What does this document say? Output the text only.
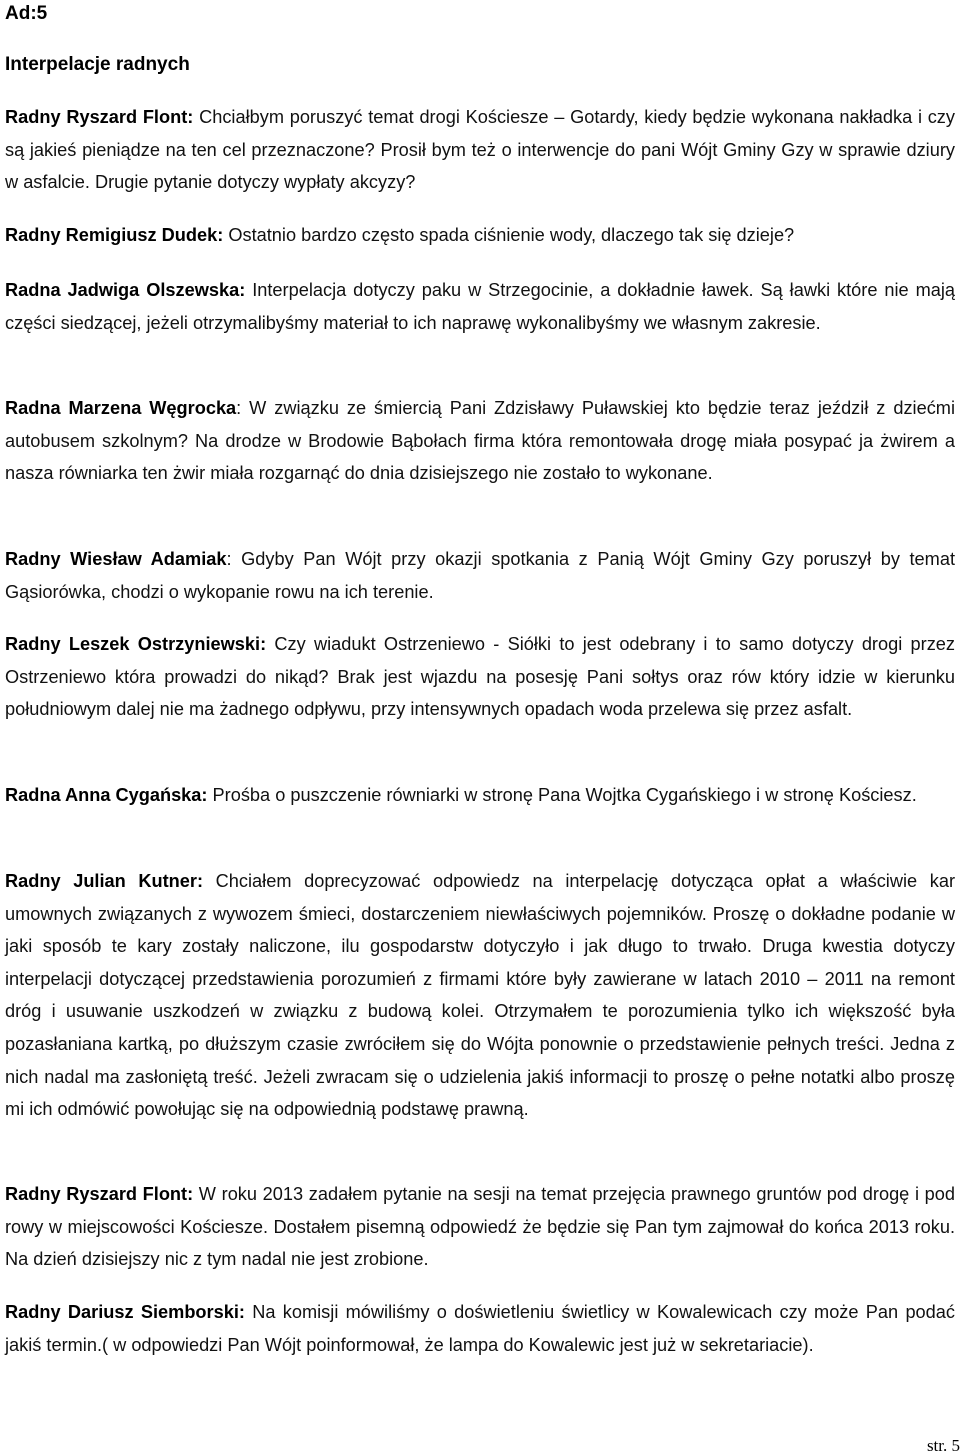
Ad:5
Interpelacje radnych

Radny Ryszard Flont: Chciałbym poruszyć temat drogi Kościesze – Gotardy, kiedy będzie wykonana nakładka i czy są jakieś pieniądze na ten cel przeznaczone? Prosił bym też o interwencje do pani Wójt Gminy Gzy w sprawie dziury w asfalcie. Drugie pytanie dotyczy wypłaty akcyzy?

Radny Remigiusz Dudek: Ostatnio bardzo często spada ciśnienie wody, dlaczego tak się dzieje?

Radna Jadwiga Olszewska: Interpelacja dotyczy paku w Strzegocinie, a dokładnie ławek. Są ławki które nie mają części siedzącej, jeżeli otrzymalibyśmy materiał to ich naprawę wykonalibyśmy we własnym zakresie.

Radna Marzena Węgrocka: W związku ze śmiercią Pani Zdzisławy Puławskiej kto będzie teraz jeździł z dziećmi autobusem szkolnym? Na drodze w Brodowie Bąbołach firma która remontowała drogę miała posypać ja żwirem a nasza równiarka ten żwir miała rozgarnąć do dnia dzisiejszego nie zostało to wykonane.

Radny Wiesław Adamiak: Gdyby Pan Wójt przy okazji spotkania z Panią Wójt Gminy Gzy poruszył by temat Gąsiorówka, chodzi o wykopanie rowu na ich terenie.

Radny Leszek Ostrzyniewski: Czy wiadukt Ostrzeniewo - Siółki to jest odebrany i to samo dotyczy drogi przez Ostrzeniewo która prowadzi do nikąd? Brak jest wjazdu na posesję Pani sołtys oraz rów który idzie w kierunku południowym dalej nie ma żadnego odpływu, przy intensywnych opadach woda przelewa się przez asfalt.

Radna Anna Cygańska: Prośba o puszczenie równiarki w stronę Pana Wojtka Cygańskiego i w stronę Kościesz.

Radny Julian Kutner: Chciałem doprecyzować odpowiedz na interpelację dotycząca opłat a właściwie kar umownych związanych z wywozem śmieci, dostarczeniem niewłaściwych pojemników. Proszę o dokładne podanie w jaki sposób te kary zostały naliczone, ilu gospodarstw dotyczyło i jak długo to trwało. Druga kwestia dotyczy interpelacji dotyczącej przedstawienia porozumień z firmami które były zawierane w latach 2010 – 2011 na remont dróg i usuwanie uszkodzeń w związku z budową kolei. Otrzymałem te porozumienia tylko ich większość była pozasłaniana kartką, po dłuższym czasie zwróciłem się do Wójta ponownie o przedstawienie pełnych treści. Jedna z nich nadal ma zasłoniętą treść. Jeżeli zwracam się o udzielenia jakiś informacji to proszę o pełne notatki albo proszę mi ich odmówić powołując się na odpowiednią podstawę prawną.

Radny Ryszard Flont: W roku 2013 zadałem pytanie na sesji na temat przejęcia prawnego gruntów pod drogę i pod rowy w miejscowości Kościesze. Dostałem pisemną odpowiedź że będzie się Pan tym zajmował do końca 2013 roku. Na dzień dzisiejszy nic z tym nadal nie jest zrobione.

Radny Dariusz Siemborski: Na komisji mówiliśmy o doświetleniu świetlicy w Kowalewicach czy może Pan podać jakiś termin.( w odpowiedzi Pan Wójt poinformował, że lampa do Kowalewic jest już w sekretariacie).

str. 5
